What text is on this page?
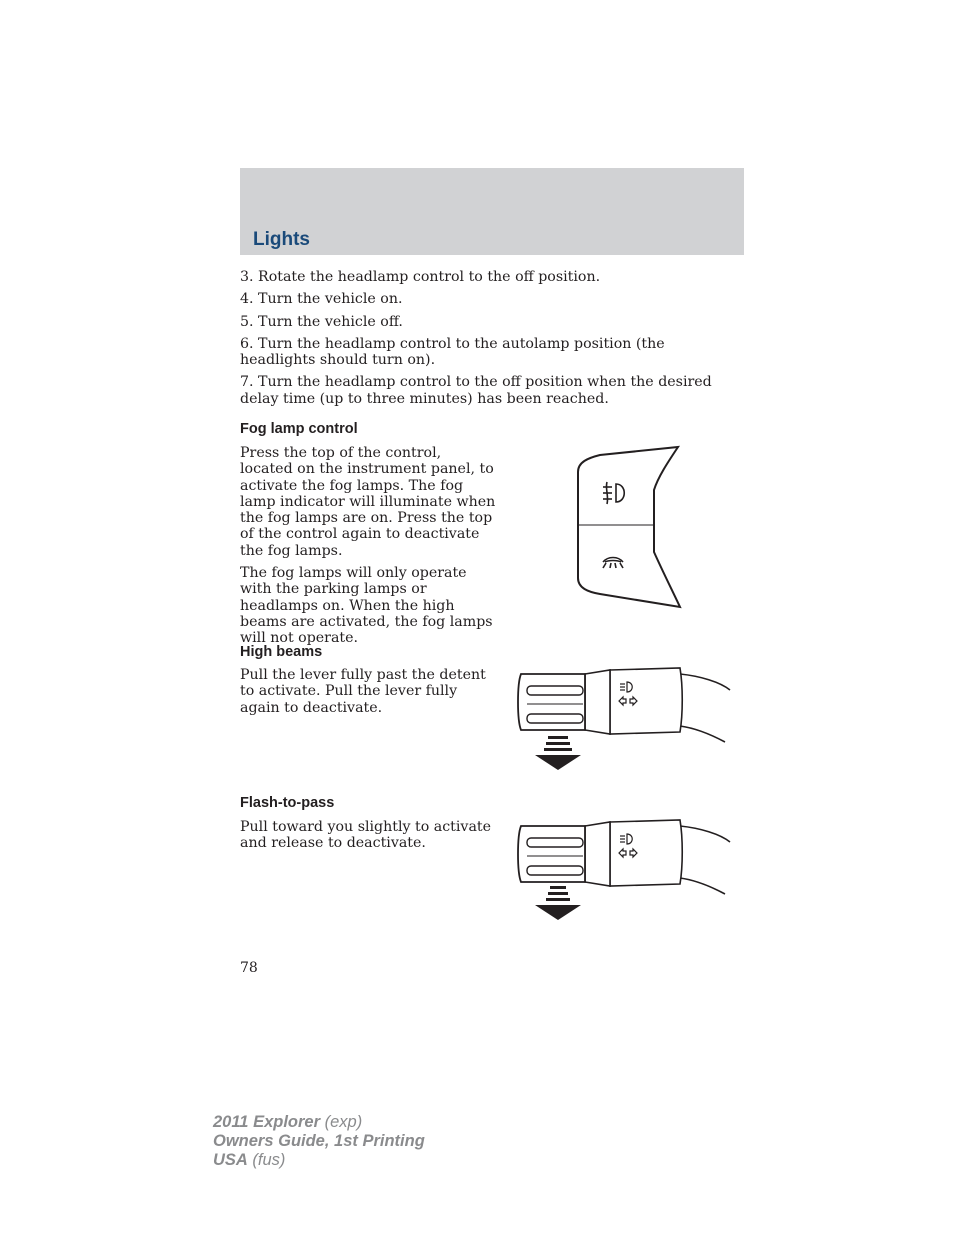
Lights

3. Rotate the headlamp control to the off position.

4. Turn the vehicle on.

5. Turn the vehicle off.

6. Turn the headlamp control to the autolamp position (the headlights should turn on).

7. Turn the headlamp control to the off position when the desired delay time (up to three minutes) has been reached.

Fog lamp control

Press the top of the control, located on the instrument panel, to activate the fog lamps. The fog lamp indicator will illuminate when the fog lamps are on. Press the top of the control again to deactivate the fog lamps.

The fog lamps will only operate with the parking lamps or headlamps on. When the high beams are activated, the fog lamps will not operate.

High beams
Pull the lever fully past the detent to activate. Pull the lever fully again to deactivate.
Flash-to-pass
Pull toward you slightly to activate and release to deactivate.
78
2011 Explorer (exp)
Owners Guide, 1st Printing
USA (fus)
